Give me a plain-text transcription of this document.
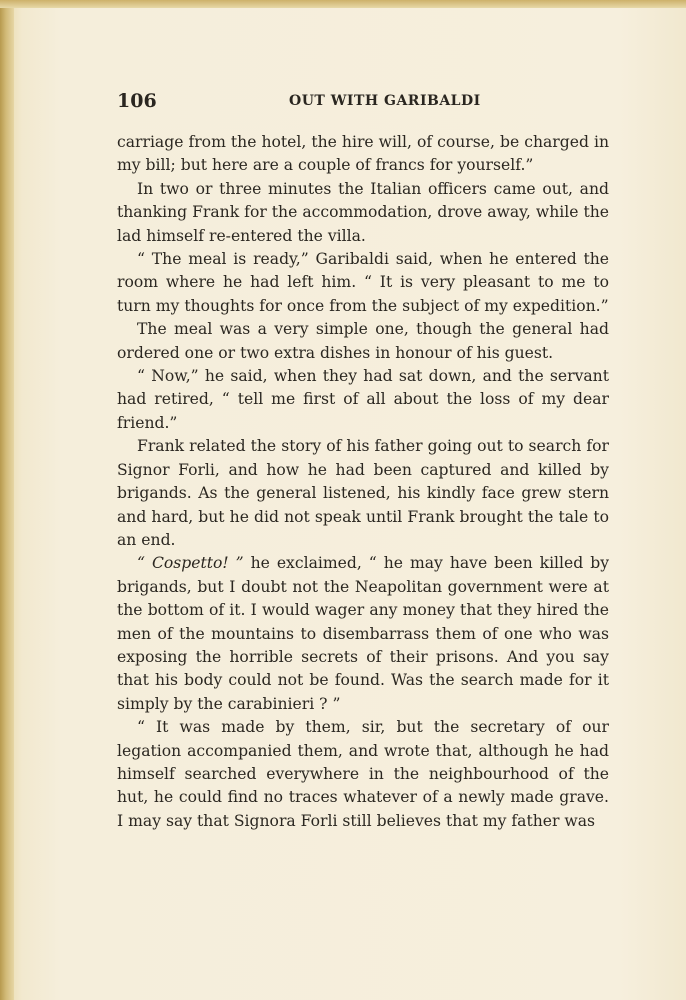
106	OUT WITH GARIBALDI

carriage from the hotel, the hire will, of course, be charged in my bill; but here are a couple of francs for yourself.”

In two or three minutes the Italian officers came out, and thanking Frank for the accommodation, drove away, while the lad himself re-entered the villa.

“ The meal is ready,” Garibaldi said, when he entered the room where he had left him. “ It is very pleasant to me to turn my thoughts for once from the subject of my expedition.”

The meal was a very simple one, though the general had ordered one or two extra dishes in honour of his guest.

“ Now,” he said, when they had sat down, and the servant had retired, “ tell me first of all about the loss of my dear friend.”

Frank related the story of his father going out to search for Signor Forli, and how he had been captured and killed by brigands. As the general listened, his kindly face grew stern and hard, but he did not speak until Frank brought the tale to an end.

“ Cospetto! ” he exclaimed, “ he may have been killed by brigands, but I doubt not the Neapolitan government were at the bottom of it. I would wager any money that they hired the men of the mountains to disembarrass them of one who was exposing the horrible secrets of their prisons. And you say that his body could not be found. Was the search made for it simply by the carabinieri ? ”

“ It was made by them, sir, but the secretary of our legation accompanied them, and wrote that, although he had himself searched everywhere in the neighbourhood of the hut, he could find no traces whatever of a newly made grave. I may say that Signora Forli still believes that my father was
